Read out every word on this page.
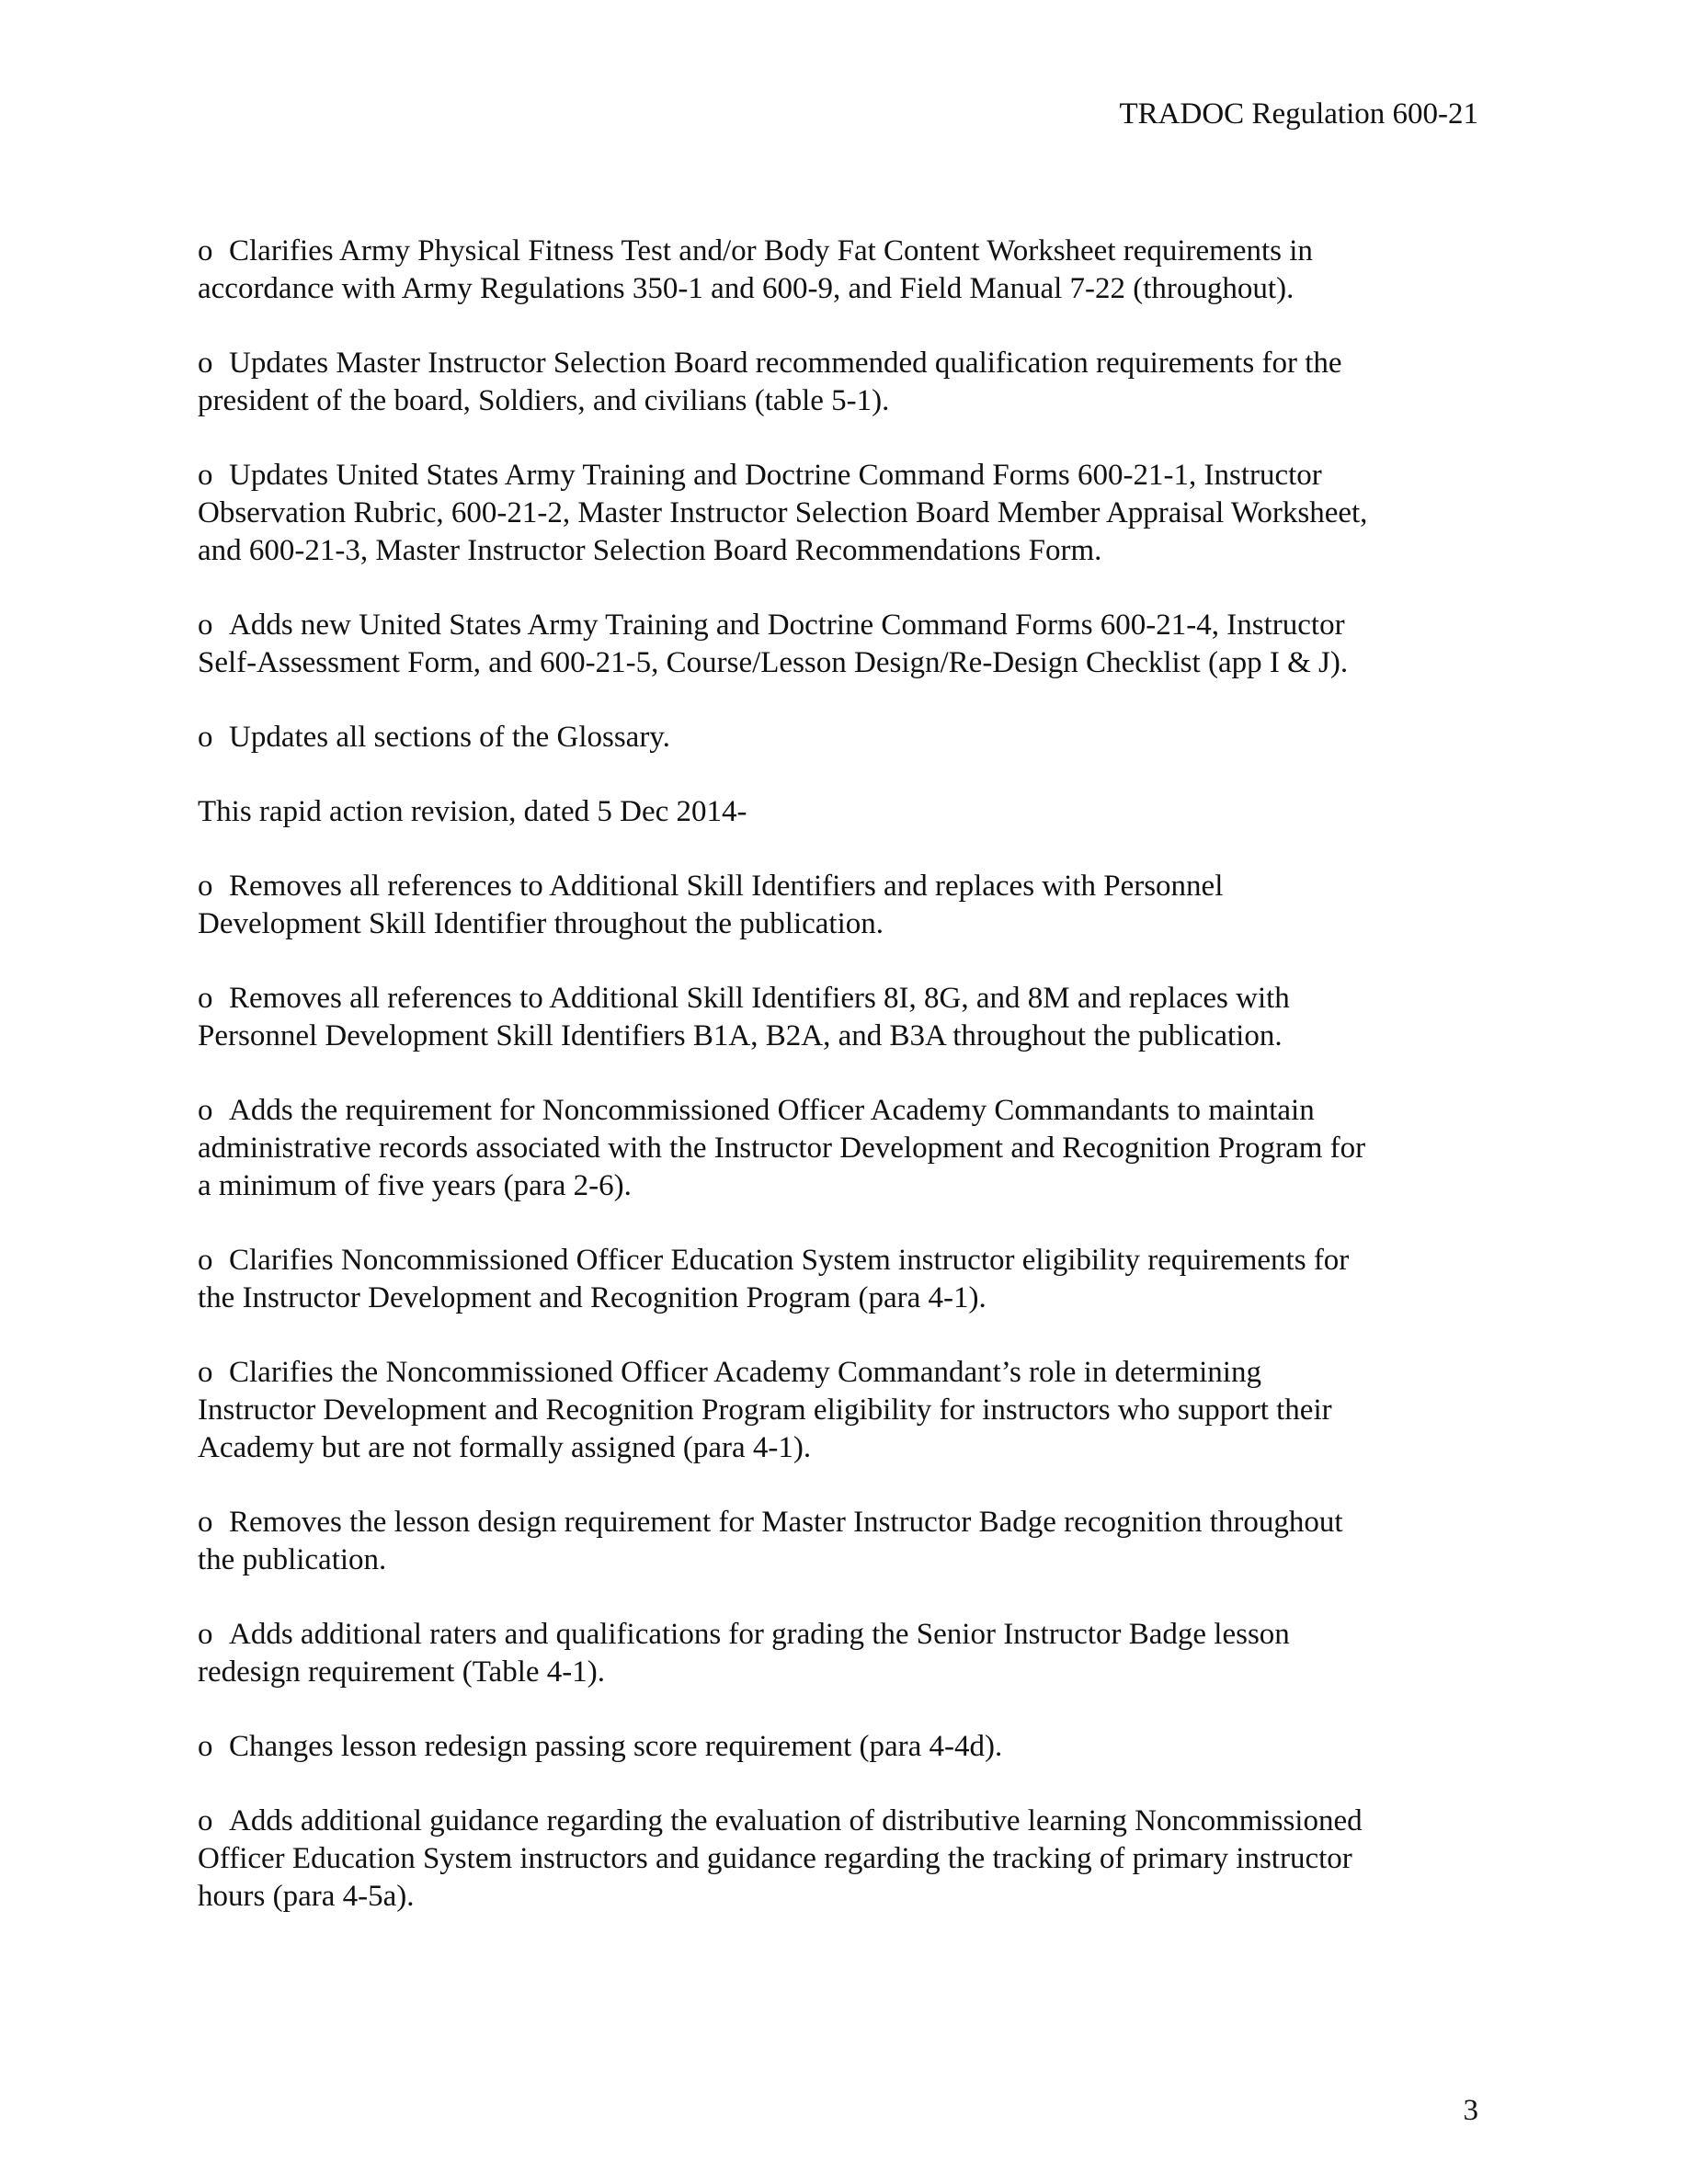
TRADOC Regulation 600-21
o Clarifies Army Physical Fitness Test and/or Body Fat Content Worksheet requirements in
accordance with Army Regulations 350-1 and 600-9, and Field Manual 7-22 (throughout).
o Updates Master Instructor Selection Board recommended qualification requirements for the
president of the board, Soldiers, and civilians (table 5-1).
o Updates United States Army Training and Doctrine Command Forms 600-21-1, Instructor
Observation Rubric, 600-21-2, Master Instructor Selection Board Member Appraisal Worksheet,
and 600-21-3, Master Instructor Selection Board Recommendations Form.
o Adds new United States Army Training and Doctrine Command Forms 600-21-4, Instructor
Self-Assessment Form, and 600-21-5, Course/Lesson Design/Re-Design Checklist (app I & J).
o Updates all sections of the Glossary.
This rapid action revision, dated 5 Dec 2014-
o Removes all references to Additional Skill Identifiers and replaces with Personnel
Development Skill Identifier throughout the publication.
o Removes all references to Additional Skill Identifiers 8I, 8G, and 8M and replaces with
Personnel Development Skill Identifiers B1A, B2A, and B3A throughout the publication.
o Adds the requirement for Noncommissioned Officer Academy Commandants to maintain
administrative records associated with the Instructor Development and Recognition Program for
a minimum of five years (para 2-6).
o Clarifies Noncommissioned Officer Education System instructor eligibility requirements for
the Instructor Development and Recognition Program (para 4-1).
o Clarifies the Noncommissioned Officer Academy Commandant’s role in determining
Instructor Development and Recognition Program eligibility for instructors who support their
Academy but are not formally assigned (para 4-1).
o Removes the lesson design requirement for Master Instructor Badge recognition throughout
the publication.
o Adds additional raters and qualifications for grading the Senior Instructor Badge lesson
redesign requirement (Table 4-1).
o Changes lesson redesign passing score requirement (para 4-4d).
o Adds additional guidance regarding the evaluation of distributive learning Noncommissioned
Officer Education System instructors and guidance regarding the tracking of primary instructor
hours (para 4-5a).
3
